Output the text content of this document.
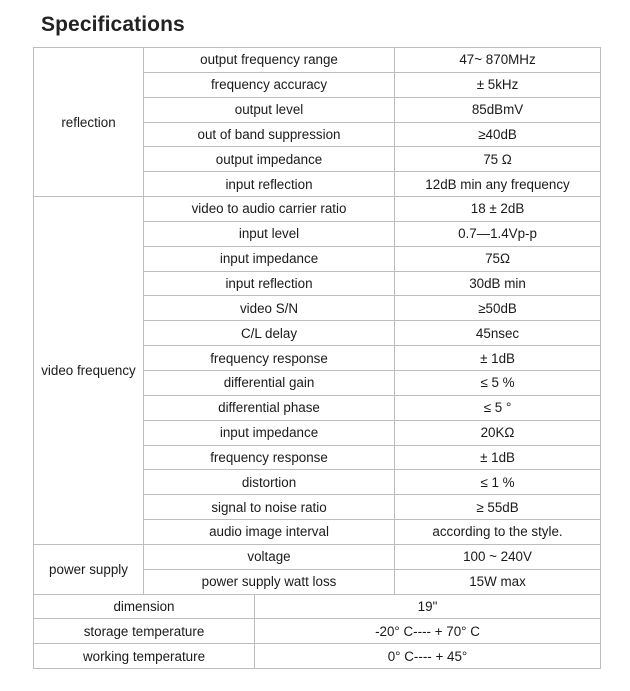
Specifications
reflection	output frequency range		47~ 870MHz
	frequency accuracy		± 5kHz
	output level		85dBmV
	out of band suppression		≥40dB
	output impedance		75 Ω
	input reflection		12dB min any frequency
video frequency	video to audio carrier ratio		18 ± 2dB
	input level		0.7—1.4Vp-p
	input impedance		75Ω
	input reflection		30dB min
	video S/N		≥50dB
	C/L delay		45nsec
	frequency response		± 1dB
	differential gain		≤ 5 %
	differential phase		≤ 5 °
	input impedance		20KΩ
	frequency response		± 1dB
	distortion		≤ 1 %
	signal to noise ratio		≥ 55dB
	audio image interval		according to the style.
power supply	voltage		100 ~ 240V
	power supply watt loss		15W max
dimension		19"	
storage temperature		-20° C---- + 70° C	
working temperature		0° C---- + 45°	
